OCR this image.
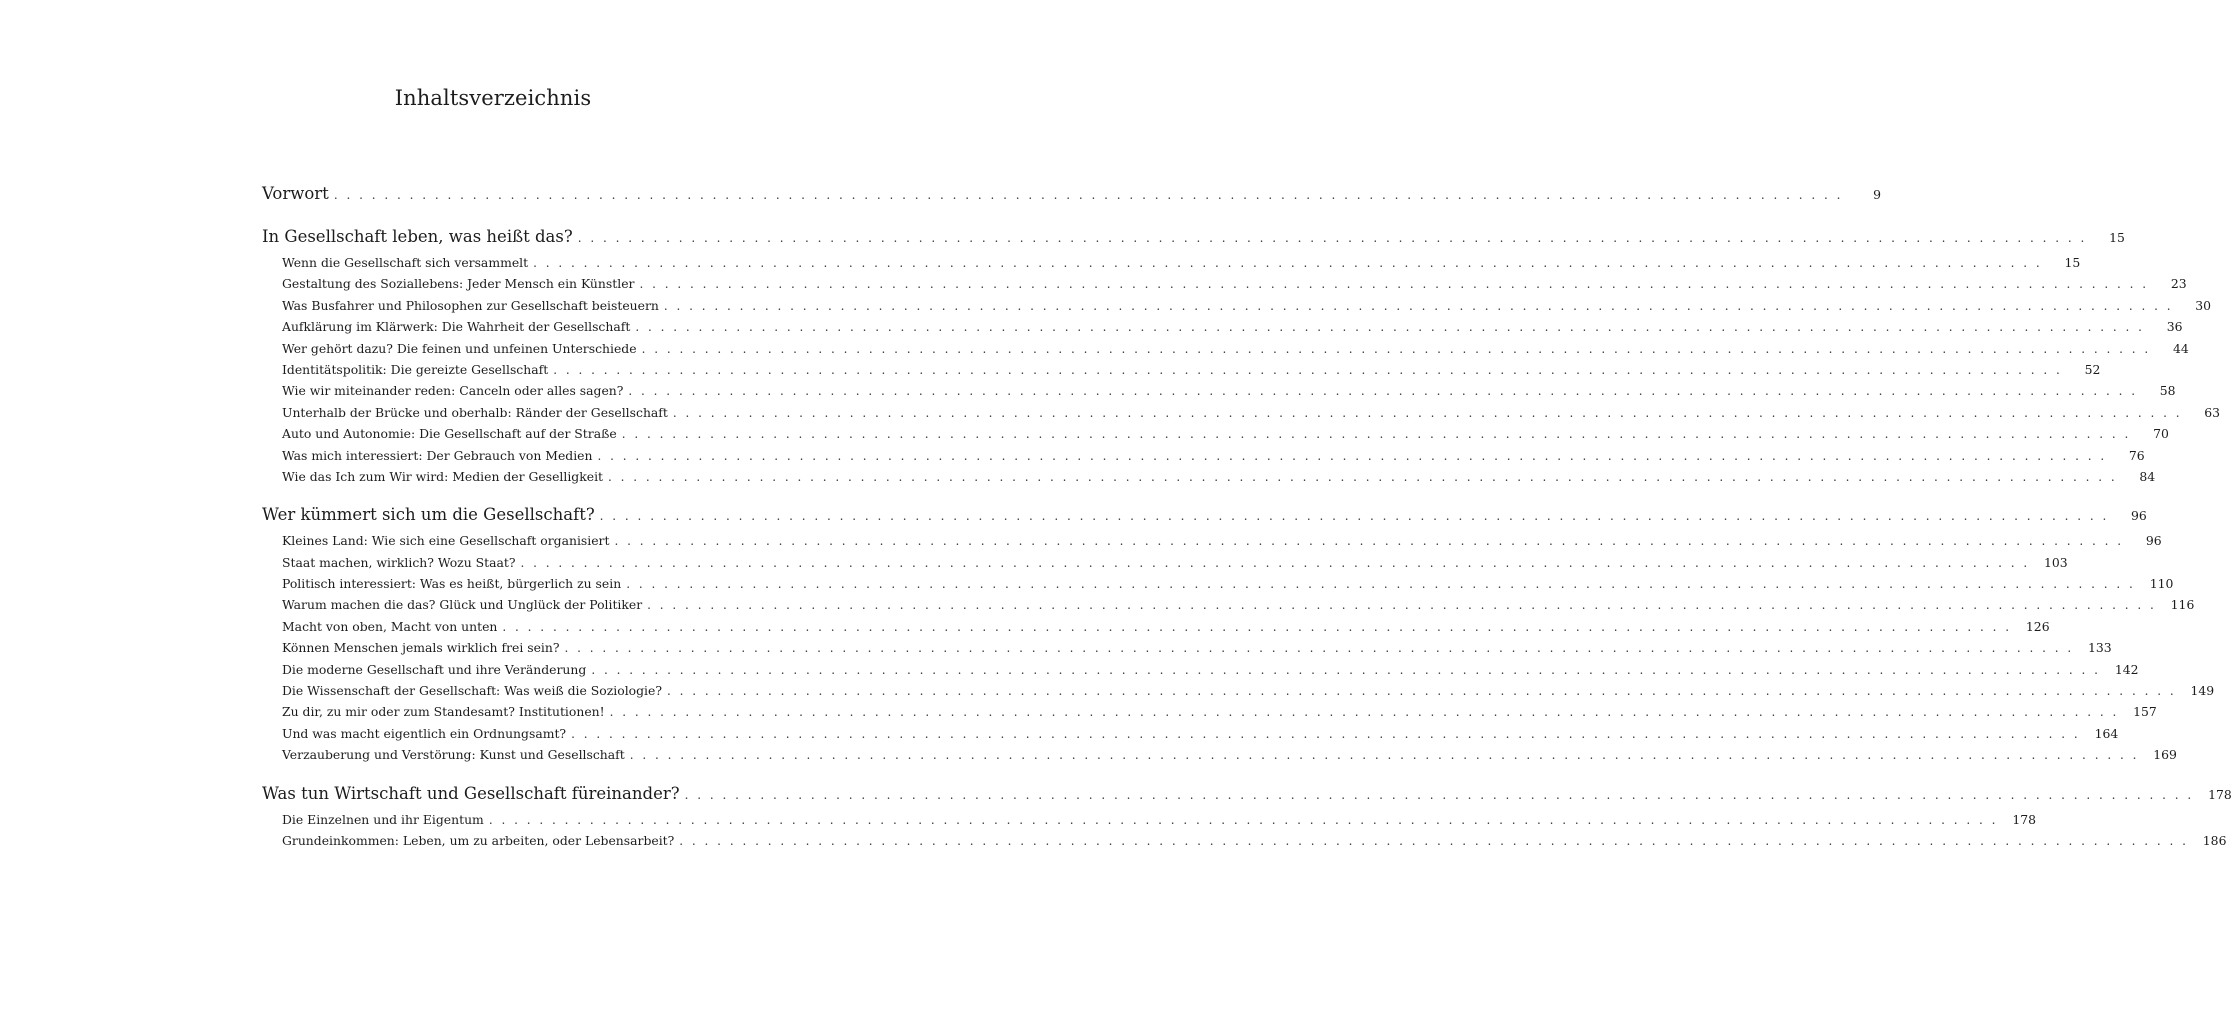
Inhaltsverzeichnis
Vorwort . . . . . . . . . . . . . . . . . . . . . . . . . . . . . . . . . . . . . . . . . . . . . . . . . . . . . . . . . . . . . . . . . . . . . . . . . . . . . . . . . . . . . . . . . . . . . . . . . . . . . . . . . . . . . . . . . . . . . . . .	9
In Gesellschaft leben, was heißt das? . . . . . . . . . . . . . . . . . . . . . . . . . . . . . . . . . . . . . . . . . . . . . . . . . . . . . . . . . . . . . . . . . . . . . . . . . . . . . . . . . . . . . . . . . . . . . . . . . . . . . . . . . . . . . . . . . . . . . . . .	15
Wenn die Gesellschaft sich versammelt . . . . . . . . . . . . . . . . . . . . . . . . . . . . . . . . . . . . . . . . . . . . . . . . . . . . . . . . . . . . . . . . . . . . . . . . . . . . . . . . . . . . . . . . . . . . . . . . . . . . . . . . . . . . . . . . . . . . . . . .	15
Gestaltung des Soziallebens: Jeder Mensch ein Künstler . . . . . . . . . . . . . . . . . . . . . . . . . . . . . . . . . . . . . . . . . . . . . . . . . . . . . . . . . . . . . . . . . . . . . . . . . . . . . . . . . . . . . . . . . . . . . . . . . . . . . . . . . . . . . . . . . . . . . . . .	23
Was Busfahrer und Philosophen zur Gesellschaft beisteuern . . . . . . . . . . . . . . . . . . . . . . . . . . . . . . . . . . . . . . . . . . . . . . . . . . . . . . . . . . . . . . . . . . . . . . . . . . . . . . . . . . . . . . . . . . . . . . . . . . . . . . . . . . . . . . . . . . . . . . . .	30
Aufklärung im Klärwerk: Die Wahrheit der Gesellschaft . . . . . . . . . . . . . . . . . . . . . . . . . . . . . . . . . . . . . . . . . . . . . . . . . . . . . . . . . . . . . . . . . . . . . . . . . . . . . . . . . . . . . . . . . . . . . . . . . . . . . . . . . . . . . . . . . . . . . . . .	36
Wer gehört dazu? Die feinen und unfeinen Unterschiede . . . . . . . . . . . . . . . . . . . . . . . . . . . . . . . . . . . . . . . . . . . . . . . . . . . . . . . . . . . . . . . . . . . . . . . . . . . . . . . . . . . . . . . . . . . . . . . . . . . . . . . . . . . . . . . . . . . . . . . .	44
Identitätspolitik: Die gereizte Gesellschaft . . . . . . . . . . . . . . . . . . . . . . . . . . . . . . . . . . . . . . . . . . . . . . . . . . . . . . . . . . . . . . . . . . . . . . . . . . . . . . . . . . . . . . . . . . . . . . . . . . . . . . . . . . . . . . . . . . . . . . . .	52
Wie wir miteinander reden: Canceln oder alles sagen? . . . . . . . . . . . . . . . . . . . . . . . . . . . . . . . . . . . . . . . . . . . . . . . . . . . . . . . . . . . . . . . . . . . . . . . . . . . . . . . . . . . . . . . . . . . . . . . . . . . . . . . . . . . . . . . . . . . . . . . .	58
Unterhalb der Brücke und oberhalb: Ränder der Gesellschaft . . . . . . . . . . . . . . . . . . . . . . . . . . . . . . . . . . . . . . . . . . . . . . . . . . . . . . . . . . . . . . . . . . . . . . . . . . . . . . . . . . . . . . . . . . . . . . . . . . . . . . . . . . . . . . . . . . . . . . . .	63
Auto und Autonomie: Die Gesellschaft auf der Straße . . . . . . . . . . . . . . . . . . . . . . . . . . . . . . . . . . . . . . . . . . . . . . . . . . . . . . . . . . . . . . . . . . . . . . . . . . . . . . . . . . . . . . . . . . . . . . . . . . . . . . . . . . . . . . . . . . . . . . . .	70
Was mich interessiert: Der Gebrauch von Medien . . . . . . . . . . . . . . . . . . . . . . . . . . . . . . . . . . . . . . . . . . . . . . . . . . . . . . . . . . . . . . . . . . . . . . . . . . . . . . . . . . . . . . . . . . . . . . . . . . . . . . . . . . . . . . . . . . . . . . . .	76
Wie das Ich zum Wir wird: Medien der Geselligkeit . . . . . . . . . . . . . . . . . . . . . . . . . . . . . . . . . . . . . . . . . . . . . . . . . . . . . . . . . . . . . . . . . . . . . . . . . . . . . . . . . . . . . . . . . . . . . . . . . . . . . . . . . . . . . . . . . . . . . . . .	84
Wer kümmert sich um die Gesellschaft? . . . . . . . . . . . . . . . . . . . . . . . . . . . . . . . . . . . . . . . . . . . . . . . . . . . . . . . . . . . . . . . . . . . . . . . . . . . . . . . . . . . . . . . . . . . . . . . . . . . . . . . . . . . . . . . . . . . . . . . .	96
Kleines Land: Wie sich eine Gesellschaft organisiert . . . . . . . . . . . . . . . . . . . . . . . . . . . . . . . . . . . . . . . . . . . . . . . . . . . . . . . . . . . . . . . . . . . . . . . . . . . . . . . . . . . . . . . . . . . . . . . . . . . . . . . . . . . . . . . . . . . . . . . .	96
Staat machen, wirklich? Wozu Staat? . . . . . . . . . . . . . . . . . . . . . . . . . . . . . . . . . . . . . . . . . . . . . . . . . . . . . . . . . . . . . . . . . . . . . . . . . . . . . . . . . . . . . . . . . . . . . . . . . . . . . . . . . . . . . . . . . . . . . . . .	103
Politisch interessiert: Was es heißt, bürgerlich zu sein . . . . . . . . . . . . . . . . . . . . . . . . . . . . . . . . . . . . . . . . . . . . . . . . . . . . . . . . . . . . . . . . . . . . . . . . . . . . . . . . . . . . . . . . . . . . . . . . . . . . . . . . . . . . . . . . . . . . . . . .	110
Warum machen die das? Glück und Unglück der Politiker . . . . . . . . . . . . . . . . . . . . . . . . . . . . . . . . . . . . . . . . . . . . . . . . . . . . . . . . . . . . . . . . . . . . . . . . . . . . . . . . . . . . . . . . . . . . . . . . . . . . . . . . . . . . . . . . . . . . . . . .	116
Macht von oben, Macht von unten . . . . . . . . . . . . . . . . . . . . . . . . . . . . . . . . . . . . . . . . . . . . . . . . . . . . . . . . . . . . . . . . . . . . . . . . . . . . . . . . . . . . . . . . . . . . . . . . . . . . . . . . . . . . . . . . . . . . . . . .	126
Können Menschen jemals wirklich frei sein? . . . . . . . . . . . . . . . . . . . . . . . . . . . . . . . . . . . . . . . . . . . . . . . . . . . . . . . . . . . . . . . . . . . . . . . . . . . . . . . . . . . . . . . . . . . . . . . . . . . . . . . . . . . . . . . . . . . . . . . .	133
Die moderne Gesellschaft und ihre Veränderung . . . . . . . . . . . . . . . . . . . . . . . . . . . . . . . . . . . . . . . . . . . . . . . . . . . . . . . . . . . . . . . . . . . . . . . . . . . . . . . . . . . . . . . . . . . . . . . . . . . . . . . . . . . . . . . . . . . . . . . .	142
Die Wissenschaft der Gesellschaft: Was weiß die Soziologie? . . . . . . . . . . . . . . . . . . . . . . . . . . . . . . . . . . . . . . . . . . . . . . . . . . . . . . . . . . . . . . . . . . . . . . . . . . . . . . . . . . . . . . . . . . . . . . . . . . . . . . . . . . . . . . . . . . . . . . . .	149
Zu dir, zu mir oder zum Standesamt? Institutionen! . . . . . . . . . . . . . . . . . . . . . . . . . . . . . . . . . . . . . . . . . . . . . . . . . . . . . . . . . . . . . . . . . . . . . . . . . . . . . . . . . . . . . . . . . . . . . . . . . . . . . . . . . . . . . . . . . . . . . . . .	157
Und was macht eigentlich ein Ordnungsamt? . . . . . . . . . . . . . . . . . . . . . . . . . . . . . . . . . . . . . . . . . . . . . . . . . . . . . . . . . . . . . . . . . . . . . . . . . . . . . . . . . . . . . . . . . . . . . . . . . . . . . . . . . . . . . . . . . . . . . . . .	164
Verzauberung und Verstörung: Kunst und Gesellschaft . . . . . . . . . . . . . . . . . . . . . . . . . . . . . . . . . . . . . . . . . . . . . . . . . . . . . . . . . . . . . . . . . . . . . . . . . . . . . . . . . . . . . . . . . . . . . . . . . . . . . . . . . . . . . . . . . . . . . . . .	169
Was tun Wirtschaft und Gesellschaft füreinander? . . . . . . . . . . . . . . . . . . . . . . . . . . . . . . . . . . . . . . . . . . . . . . . . . . . . . . . . . . . . . . . . . . . . . . . . . . . . . . . . . . . . . . . . . . . . . . . . . . . . . . . . . . . . . . . . . . . . . . . .	178
Die Einzelnen und ihr Eigentum . . . . . . . . . . . . . . . . . . . . . . . . . . . . . . . . . . . . . . . . . . . . . . . . . . . . . . . . . . . . . . . . . . . . . . . . . . . . . . . . . . . . . . . . . . . . . . . . . . . . . . . . . . . . . . . . . . . . . . . .	178
Grundeinkommen: Leben, um zu arbeiten, oder Lebensarbeit? . . . . . . . . . . . . . . . . . . . . . . . . . . . . . . . . . . . . . . . . . . . . . . . . . . . . . . . . . . . . . . . . . . . . . . . . . . . . . . . . . . . . . . . . . . . . . . . . . . . . . . . . . . . . . . . . . . . . . . . .	186
